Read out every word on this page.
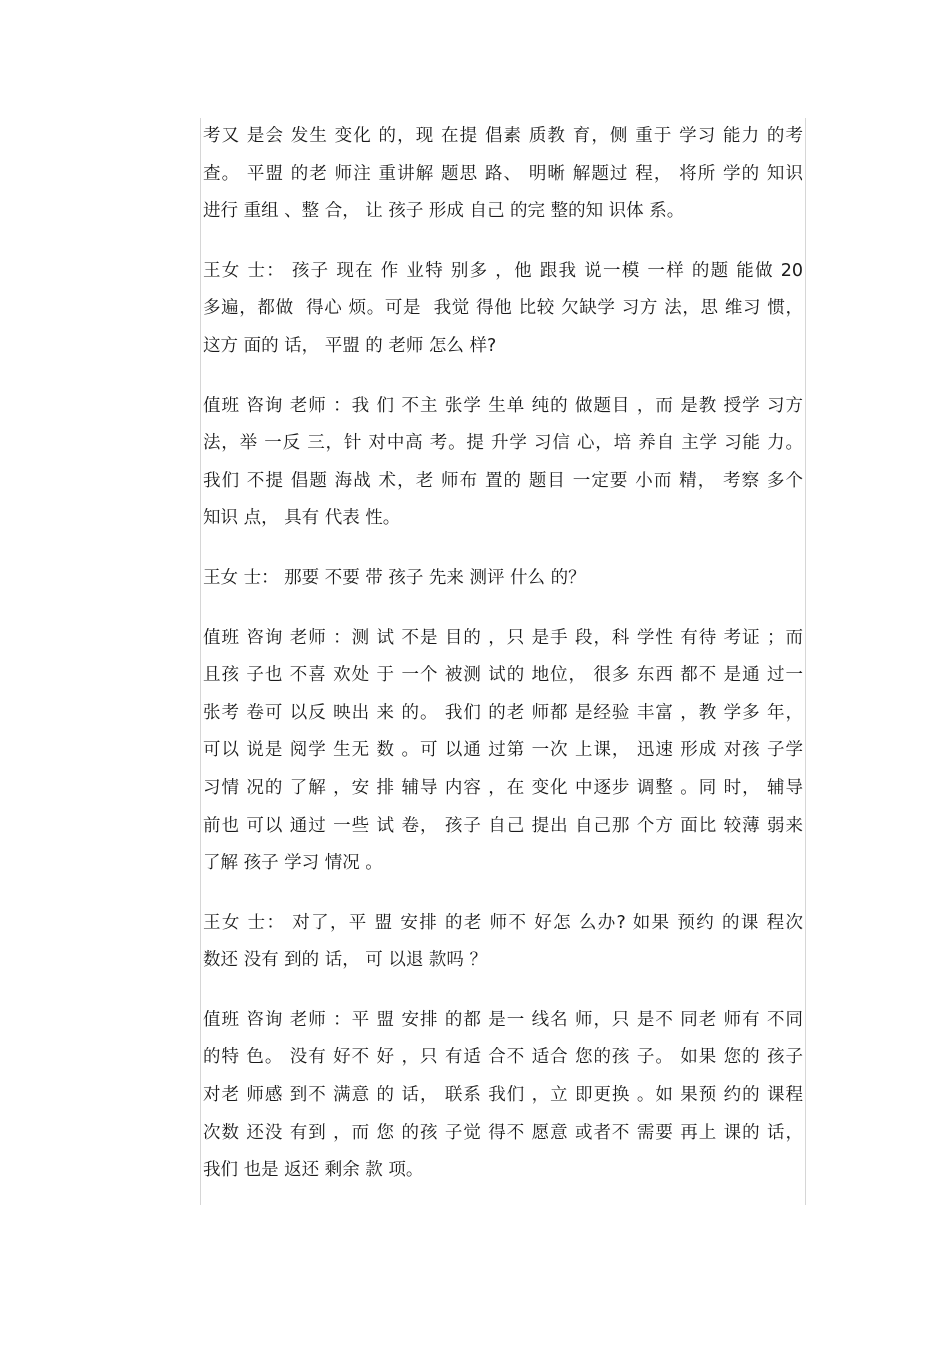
考又 是会 发生 变化 的，现 在提 倡素 质教 育，侧 重于 学习 能力 的考
查。 平盟 的老 师注 重讲解 题思 路、 明晰 解题过 程， 将所 学的 知识
进行 重组 、整 合， 让 孩子 形成 自己 的完 整的知 识体 系。
王女 士： 孩子 现在 作 业特 别多 ，他 跟我 说一模 一样 的题 能做 20
多遍，都做  得心 烦。可是  我觉 得他 比较 欠缺学 习方 法，思 维习 惯，
这方 面的 话， 平盟 的 老师 怎么 样?
值班 咨询 老师 ：我 们 不主 张学 生单 纯的 做题目 ，而 是教 授学 习方
法，举 一反 三，针 对中高 考。提 升学 习信 心，培 养自 主学 习能 力。
我们 不提 倡题 海战 术，老 师布 置的 题目 一定要 小而 精， 考察 多个
知识 点， 具有 代表 性。
王女 士： 那要 不要 带 孩子 先来 测评 什么 的？
值班 咨询 老师 ：测 试 不是 目的 ，只 是手 段，科 学性 有待 考证 ；而
且孩 子也 不喜 欢处 于 一个 被测 试的 地位， 很多 东西 都不 是通 过一
张考 卷可 以反 映出 来 的。 我们 的老 师都 是经验 丰富 ，教 学多 年，
可以 说是 阅学 生无 数 。可 以通 过第 一次 上课， 迅速 形成 对孩 子学
习情 况的 了解 ，安 排 辅导 内容 ，在 变化 中逐步 调整 。同 时， 辅导
前也 可以 通过 一些 试 卷， 孩子 自己 提出 自己那 个方 面比 较薄 弱来
了解 孩子 学习 情况 。
王女 士： 对了，平 盟 安排 的老 师不 好怎 么办? 如果 预约 的课 程次
数还 没有 到的 话， 可 以退 款吗 ？
值班 咨询 老师 ：平 盟 安排 的都 是一 线名 师，只 是不 同老 师有 不同
的特 色。 没有 好不 好 ，只 有适 合不 适合 您的孩 子。 如果 您的 孩子
对老 师感 到不 满意 的 话， 联系 我们 ，立 即更换 。如 果预 约的 课程
次数 还没 有到 ，而 您 的孩 子觉 得不 愿意 或者不 需要 再上 课的 话，
我们 也是 返还 剩余 款 项。
